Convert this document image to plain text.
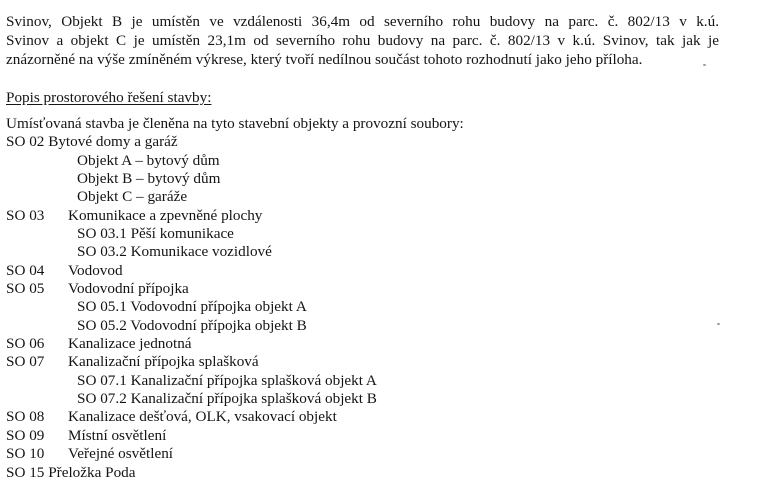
Svinov, Objekt B je umístěn ve vzdálenosti 36,4m od severního rohu budovy na parc. č. 802/13 v k.ú.
Svinov a objekt C je umístěn 23,1m od severního rohu budovy na parc. č. 802/13 v k.ú. Svinov, tak jak je
znázorněné na výše zmíněném výkrese, který tvoří nedílnou součást tohoto rozhodnutí jako jeho příloha.
Popis prostorového řešení stavby:
Umísťovaná stavba je členěna na tyto stavební objekty a provozní soubory:
SO 02 Bytové domy a garáž
Objekt A – bytový dům
Objekt B – bytový dům
Objekt C – garáže
SO 03 Komunikace a zpevněné plochy
SO 03.1 Pěší komunikace
SO 03.2 Komunikace vozidlové
SO 04 Vodovod
SO 05 Vodovodní přípojka
SO 05.1 Vodovodní přípojka objekt A
SO 05.2 Vodovodní přípojka objekt B
SO 06 Kanalizace jednotná
SO 07 Kanalizační přípojka splašková
SO 07.1 Kanalizační přípojka splašková objekt A
SO 07.2 Kanalizační přípojka splašková objekt B
SO 08 Kanalizace dešťová, OLK, vsakovací objekt
SO 09 Místní osvětlení
SO 10 Veřejné osvětlení
SO 15 Přeložka Poda
